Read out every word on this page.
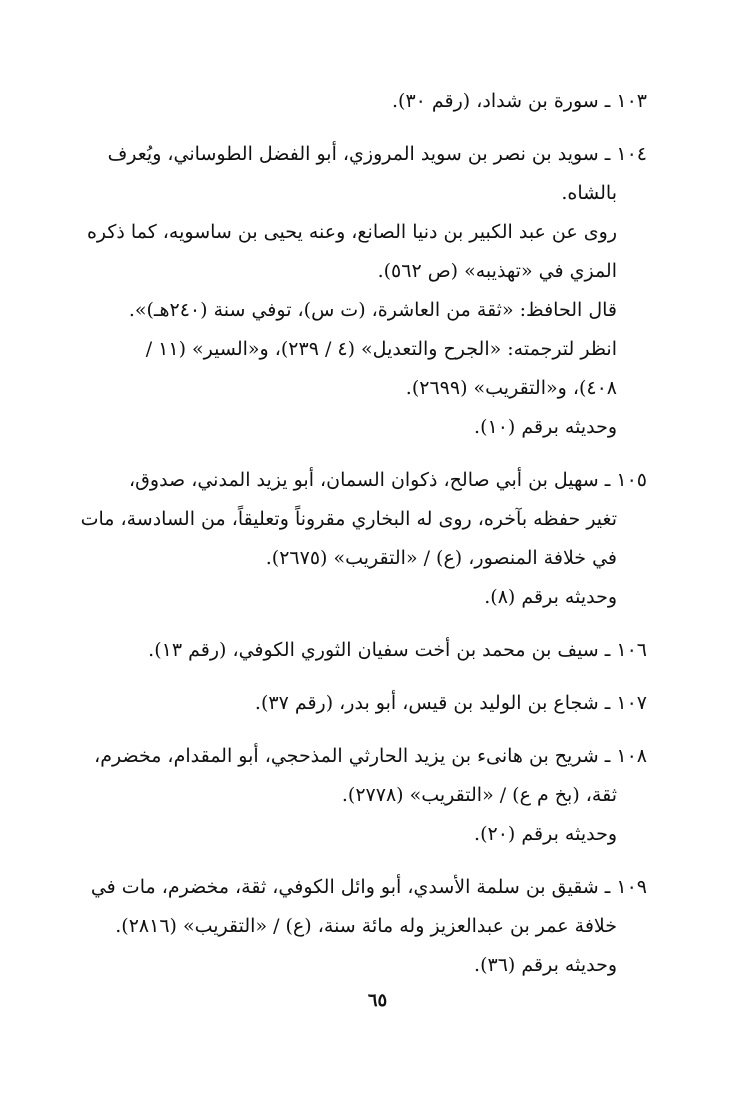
١٠٣ ـ سورة بن شداد، (رقم ٣٠).
١٠٤ ـ سويد بن نصر بن سويد المروزي، أبو الفضل الطوساني، ويُعرف
بالشاه.
روى عن عبد الكبير بن دنيا الصانع، وعنه يحيى بن ساسويه، كما ذكره
المزي في «تهذيبه» (ص ٥٦٢).
قال الحافظ: «ثقة من العاشرة، (ت س)، توفي سنة (٢٤٠هـ)».
انظر لترجمته: «الجرح والتعديل» (٤ / ٢٣٩)، و«السير» (١١ /
٤٠٨)، و«التقريب» (٢٦٩٩).
وحديثه برقم (١٠).
١٠٥ ـ سهيل بن أبي صالح، ذكوان السمان، أبو يزيد المدني، صدوق،
تغير حفظه بآخره، روى له البخاري مقروناً وتعليقاً، من السادسة، مات
في خلافة المنصور، (ع) / «التقريب» (٢٦٧٥).
وحديثه برقم (٨).
١٠٦ ـ سيف بن محمد بن أخت سفيان الثوري الكوفي، (رقم ١٣).
١٠٧ ـ شجاع بن الوليد بن قيس، أبو بدر، (رقم ٣٧).
١٠٨ ـ شريح بن هانىء بن يزيد الحارثي المذحجي، أبو المقدام، مخضرم،
ثقة، (بخ م ع) / «التقريب» (٢٧٧٨).
وحديثه برقم (٢٠).
١٠٩ ـ شقيق بن سلمة الأسدي، أبو وائل الكوفي، ثقة، مخضرم، مات في
خلافة عمر بن عبدالعزيز وله مائة سنة، (ع) / «التقريب» (٢٨١٦).
وحديثه برقم (٣٦).
٦٥
